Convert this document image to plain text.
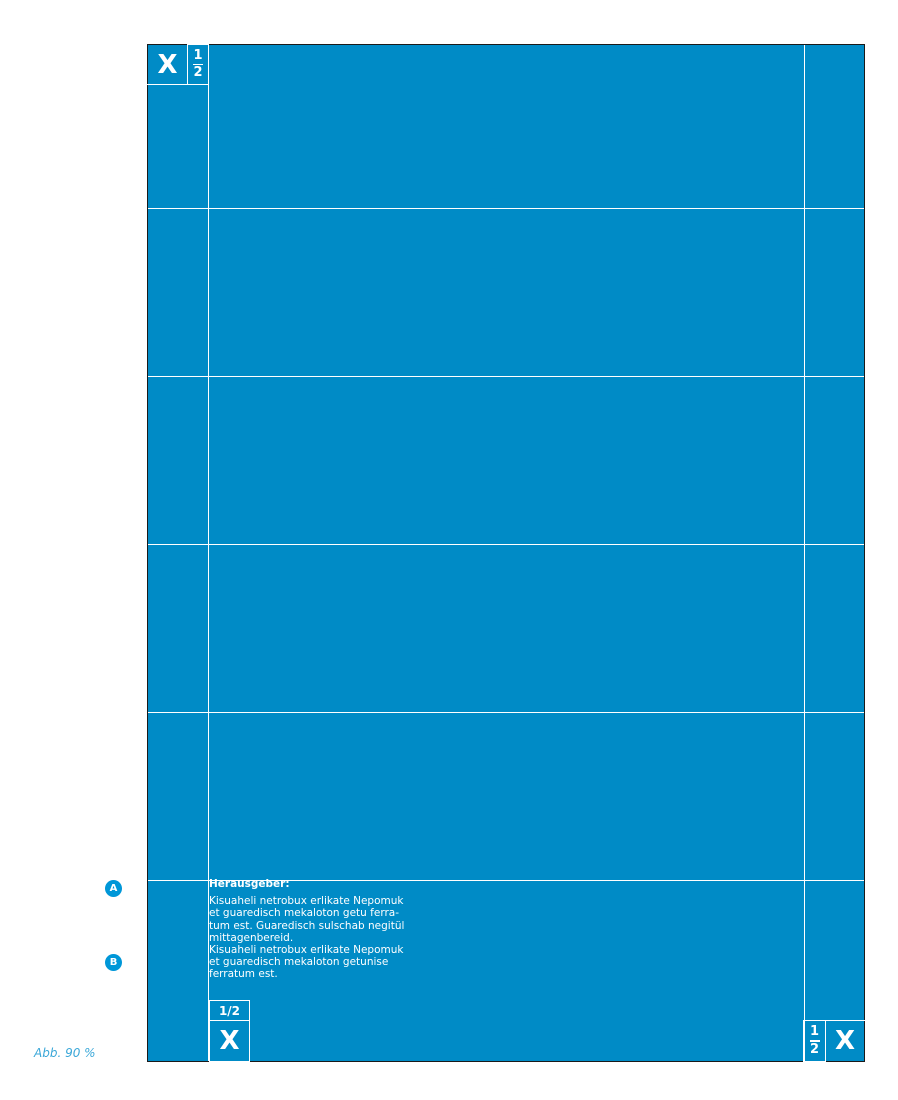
X	1
2
Herausgeber:
Kisuaheli netrobux erlikate Nepomuk
et guaredisch mekaloton getu ferra-
tum est. Guaredisch sulschab negitül
mittagenbereid.
Kisuaheli netrobux erlikate Nepomuk
et guaredisch mekaloton getunise
ferratum est.
1/2
X	1
2 X
A
B
Abb. 90 %
